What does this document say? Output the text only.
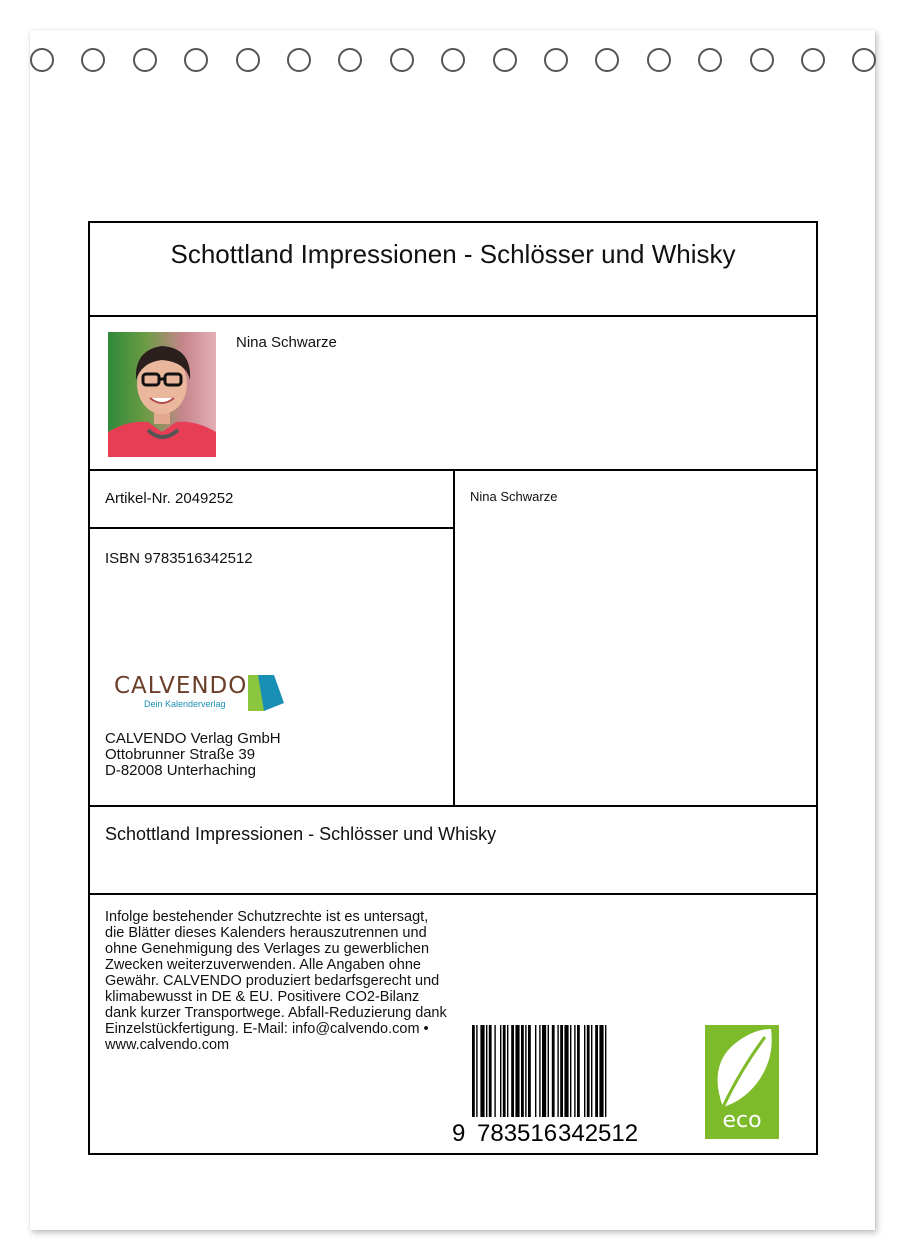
Schottland Impressionen - Schlösser und Whisky
Nina Schwarze
Artikel-Nr. 2049252
ISBN 9783516342512
CALVENDO
Dein Kalenderverlag
CALVENDO Verlag GmbH
Ottobrunner Straße 39
D-82008 Unterhaching
Nina Schwarze
Schottland Impressionen - Schlösser und Whisky
Infolge bestehender Schutzrechte ist es untersagt, die Blätter dieses Kalenders herauszutrennen und ohne Genehmigung des Verlages zu gewerblichen Zwecken weiterzuverwenden. Alle Angaben ohne Gewähr. CALVENDO produziert bedarfsgerecht und klimabewusst in DE & EU. Positivere CO2-Bilanz dank kurzer Transportwege. Abfall-Reduzierung dank Einzelstückfertigung. E-Mail: info@calvendo.com • www.calvendo.com
9 783516 342512	eco
